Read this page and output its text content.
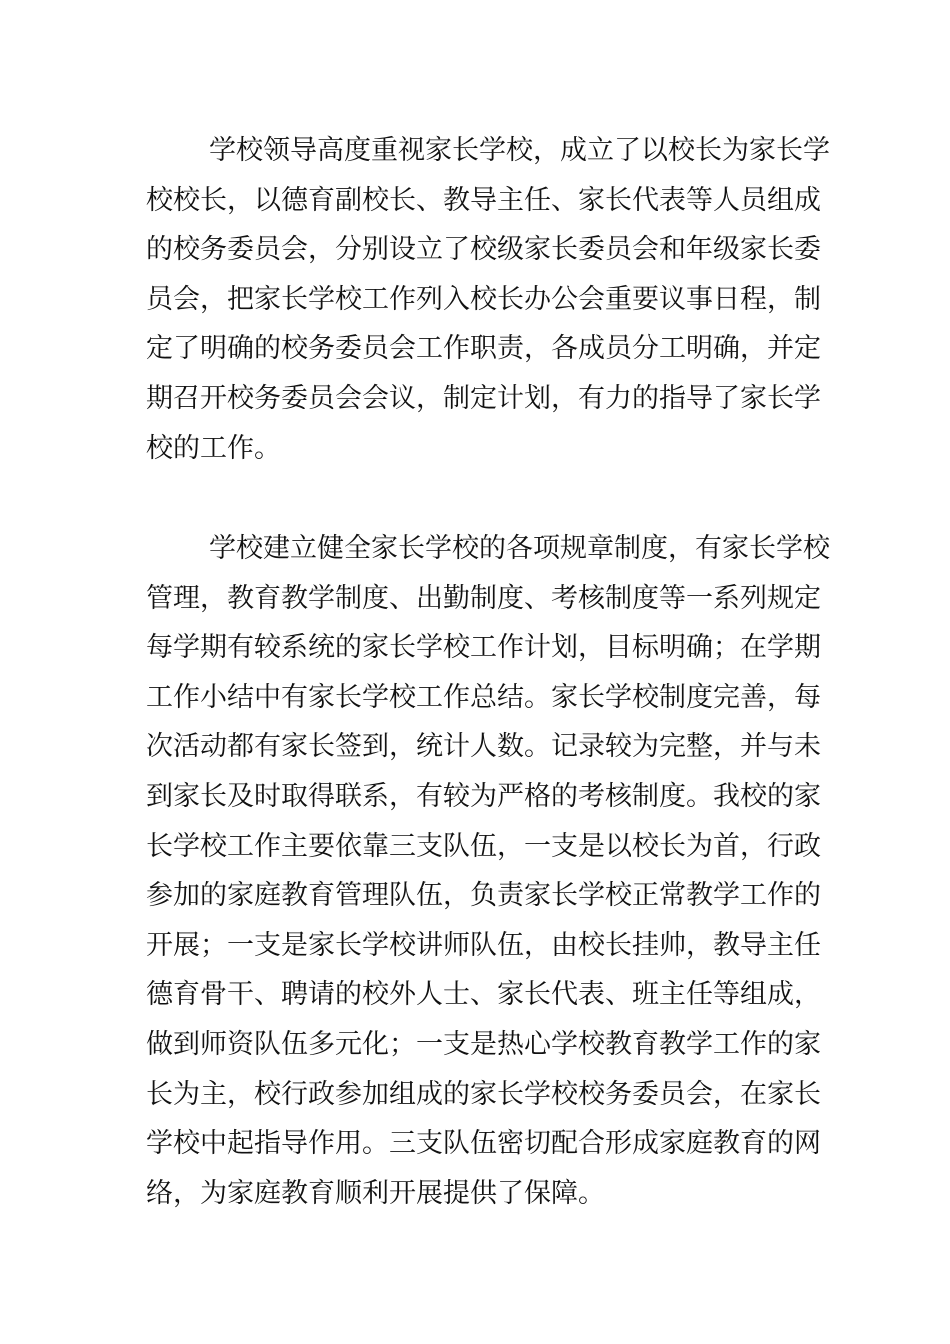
学校领导高度重视家长学校，成立了以校长为家长学
校校长，以德育副校长、教导主任、家长代表等人员组成
的校务委员会，分别设立了校级家长委员会和年级家长委
员会，把家长学校工作列入校长办公会重要议事日程，制
定了明确的校务委员会工作职责，各成员分工明确，并定
期召开校务委员会会议，制定计划，有力的指导了家长学
校的工作。

学校建立健全家长学校的各项规章制度，有家长学校
管理，教育教学制度、出勤制度、考核制度等一系列规定
每学期有较系统的家长学校工作计划，目标明确；在学期
工作小结中有家长学校工作总结。家长学校制度完善，每
次活动都有家长签到，统计人数。记录较为完整，并与未
到家长及时取得联系，有较为严格的考核制度。我校的家
长学校工作主要依靠三支队伍，一支是以校长为首，行政
参加的家庭教育管理队伍，负责家长学校正常教学工作的
开展；一支是家长学校讲师队伍，由校长挂帅，教导主任
德育骨干、聘请的校外人士、家长代表、班主任等组成，
做到师资队伍多元化；一支是热心学校教育教学工作的家
长为主，校行政参加组成的家长学校校务委员会，在家长
学校中起指导作用。三支队伍密切配合形成家庭教育的网
络，为家庭教育顺利开展提供了保障。
